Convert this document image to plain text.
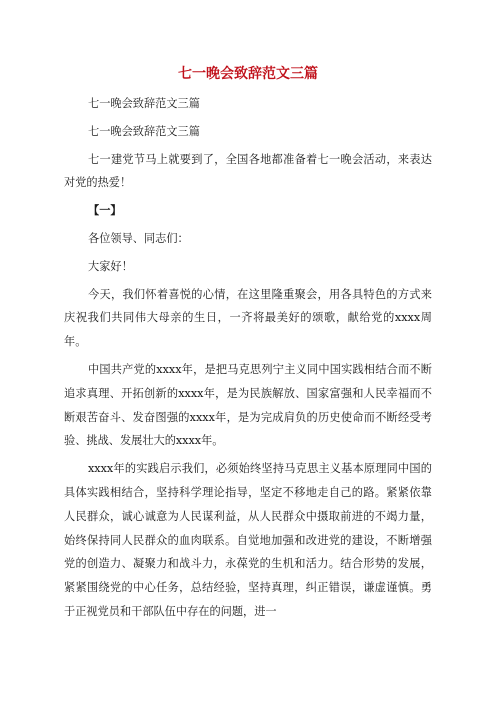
七一晚会致辞范文三篇

七一晚会致辞范文三篇

七一晚会致辞范文三篇

七一建党节马上就要到了，全国各地都准备着七一晚会活动，来表达对党的热爱！

【一】

各位领导、同志们：

大家好！

今天，我们怀着喜悦的心情，在这里隆重聚会，用各具特色的方式来庆祝我们共同伟大母亲的生日，一齐将最美好的颂歌，献给党的xxxx周年。

中国共产党的xxxx年，是把马克思列宁主义同中国实践相结合而不断追求真理、开拓创新的xxxx年，是为民族解放、国家富强和人民幸福而不断艰苦奋斗、发奋图强的xxxx年，是为完成肩负的历史使命而不断经受考验、挑战、发展壮大的xxxx年。

xxxx年的实践启示我们，必须始终坚持马克思主义基本原理同中国的具体实践相结合，坚持科学理论指导，坚定不移地走自己的路。紧紧依靠人民群众，诚心诚意为人民谋利益，从人民群众中摄取前进的不竭力量，始终保持同人民群众的血肉联系。自觉地加强和改进党的建设，不断增强党的创造力、凝聚力和战斗力，永葆党的生机和活力。结合形势的发展，紧紧围绕党的中心任务，总结经验，坚持真理，纠正错误，谦虚谨慎。勇于正视党员和干部队伍中存在的问题，进一
